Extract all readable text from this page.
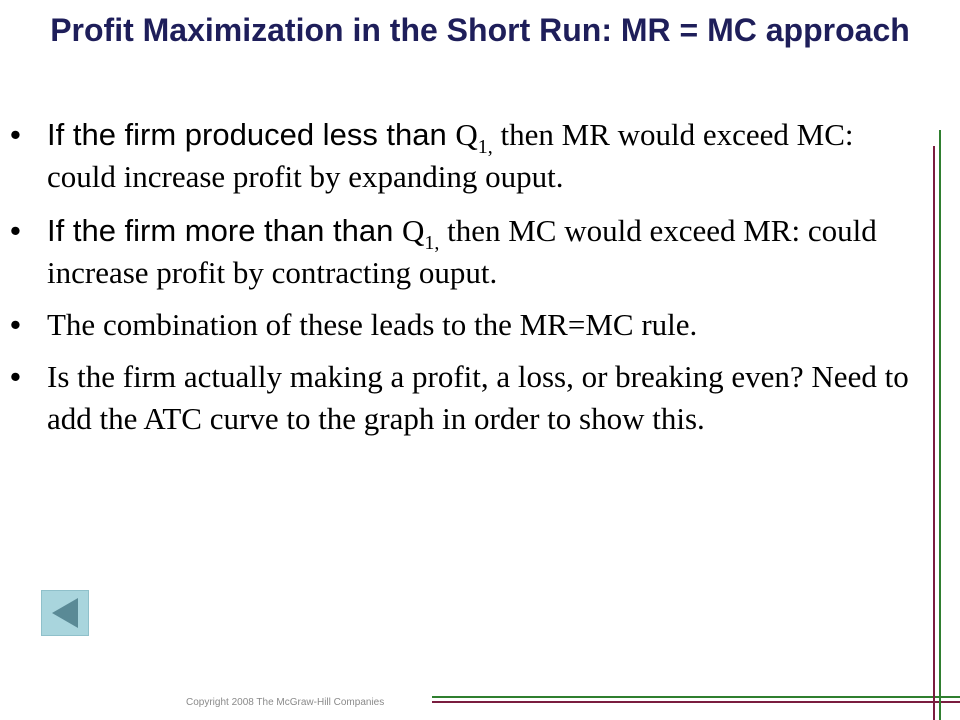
Profit Maximization in the Short Run: MR = MC approach
• If the firm produced less than $Q_{1,}$ then MR would exceed MC: could increase profit by expanding ouput.
• If the firm more than than $Q_{1,}$ then MC would exceed MR: could increase profit by contracting ouput.
• The combination of these leads to the MR=MC rule.
• Is the firm actually making a profit, a loss, or breaking even? Need to add the ATC curve to the graph in order to show this.
Copyright 2008 The McGraw-Hill Companies
